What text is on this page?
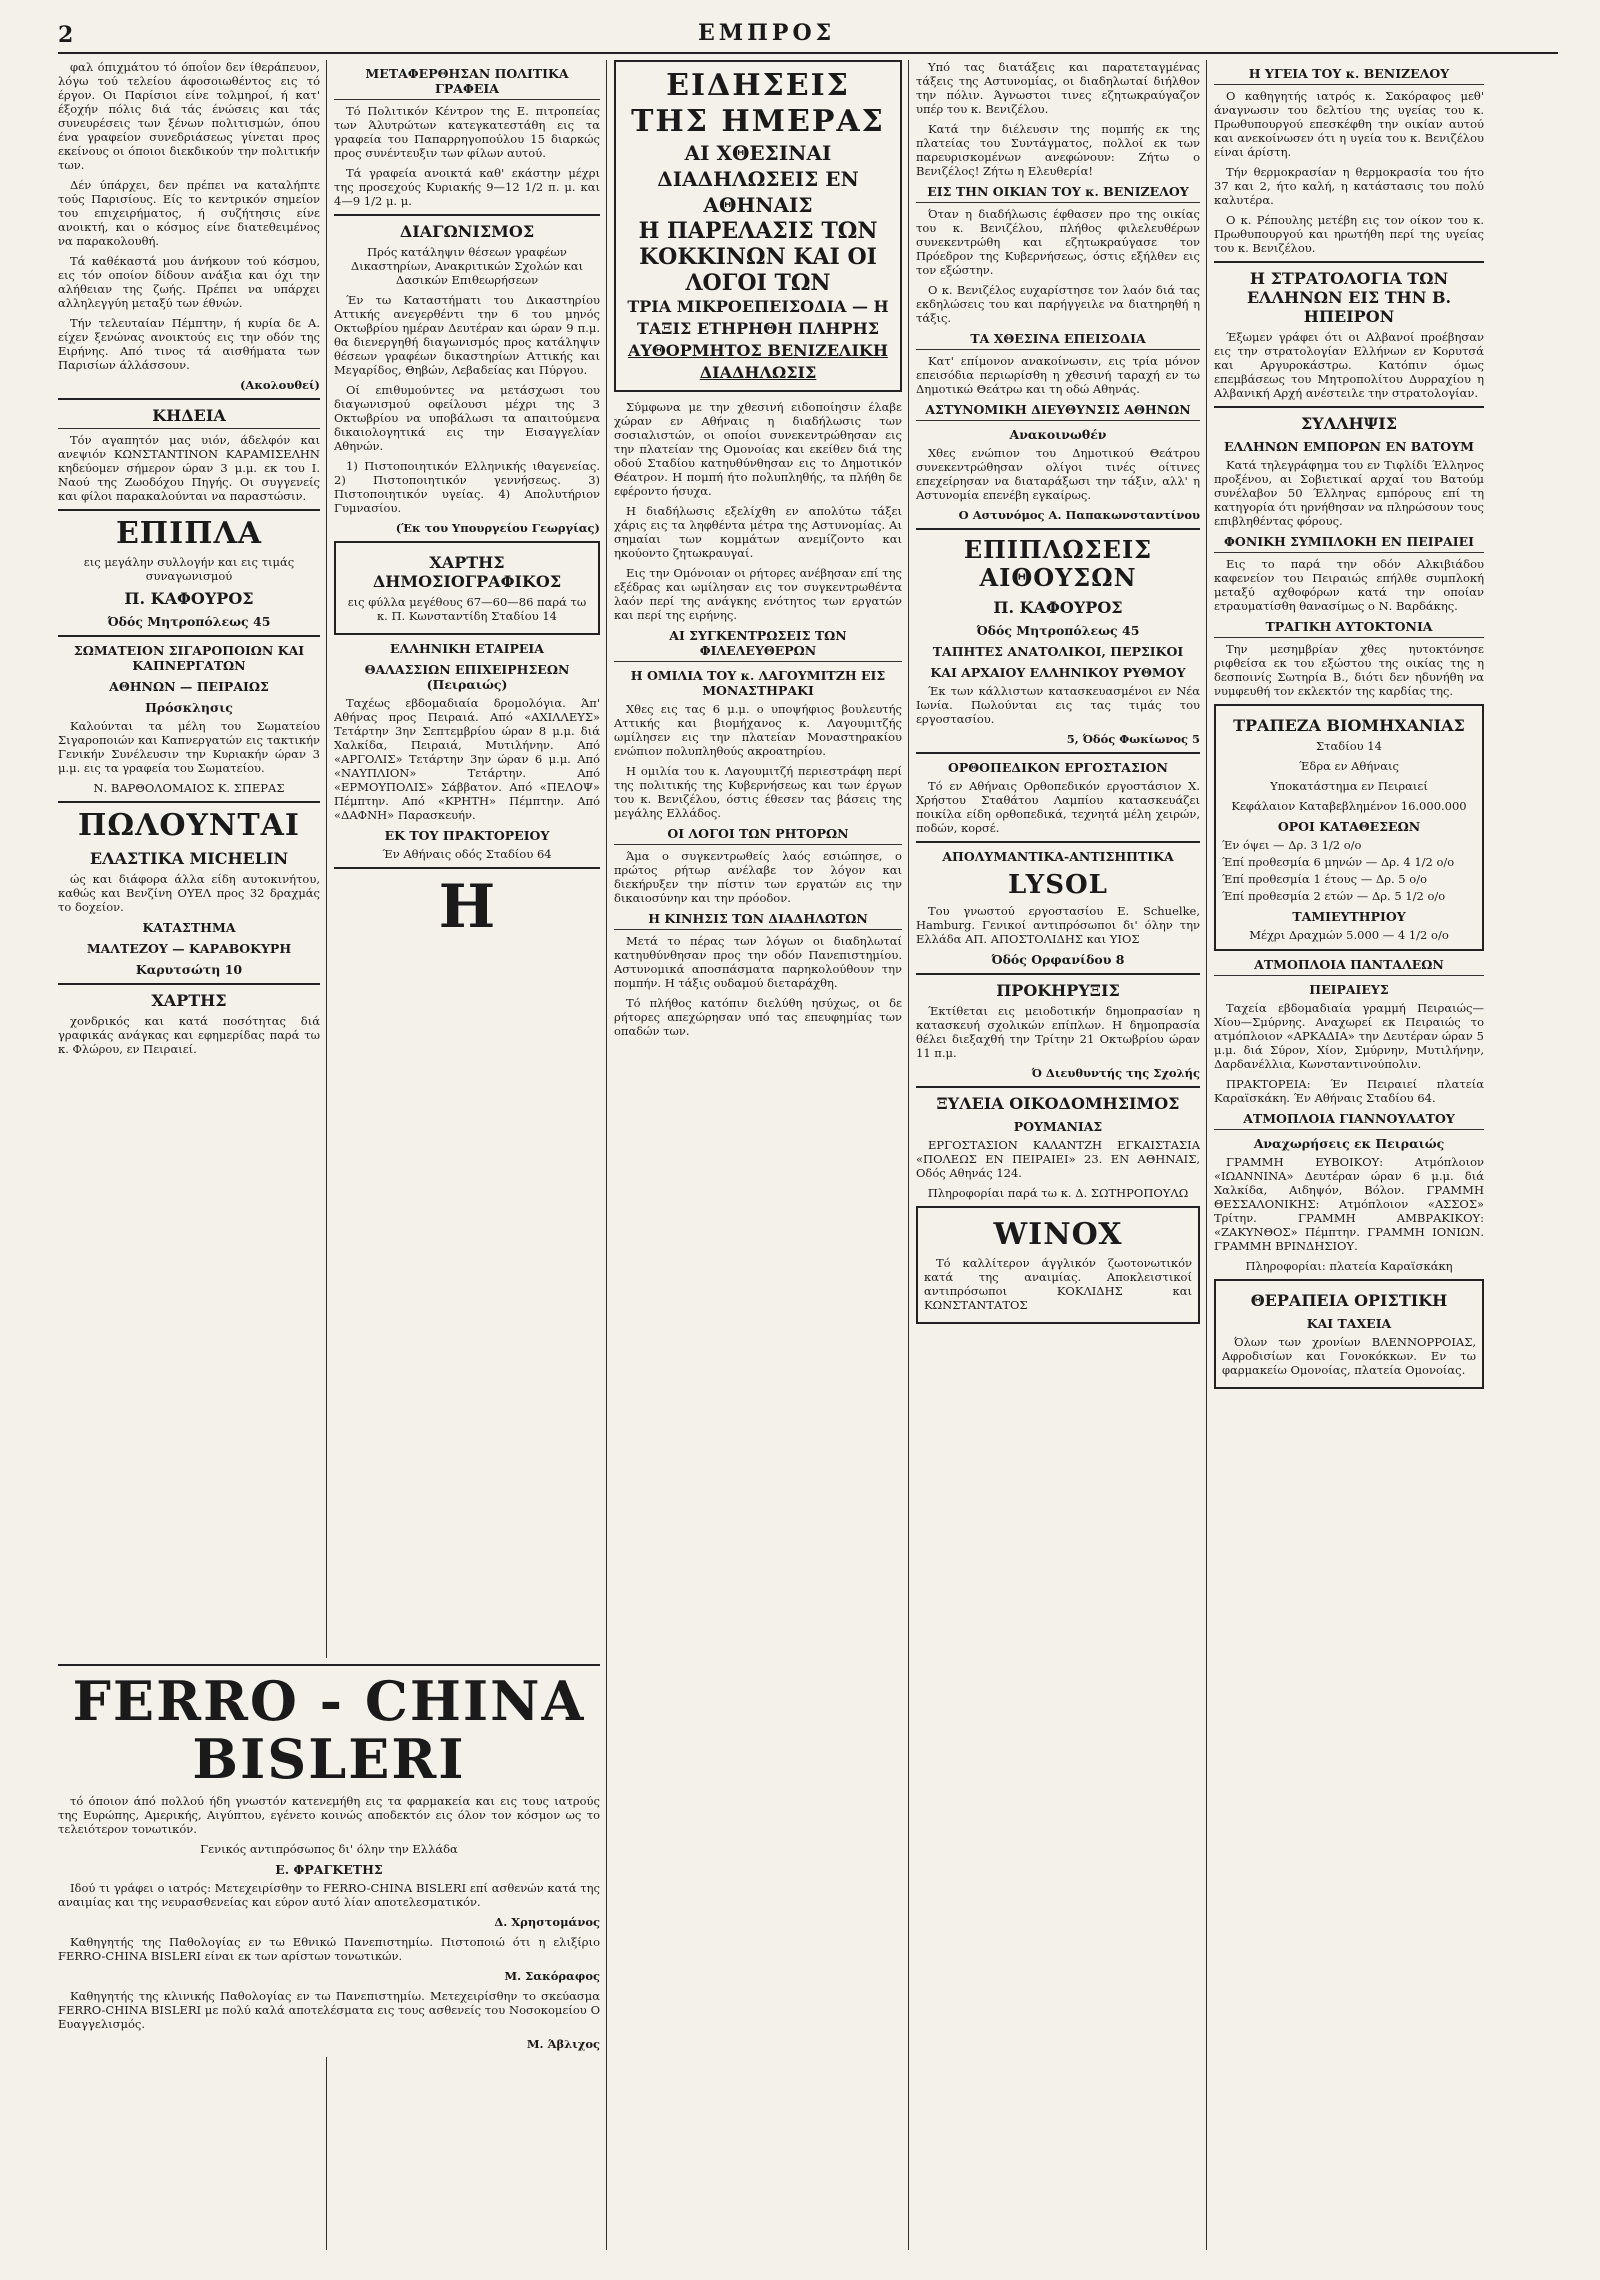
2	ΕΜΠΡΟΣ

φαλ όπιχμάτου τό όποΐον δεν ίθεράπευον, λόγω τού τελείου άφοσοιωθέντος εις τό έργον. Οι Παρίσιοι είνε τολμηροί, ή κατ' έξοχήν πόλις διά τάς ένώσεις και τάς συνευρέσεις των ξένων πολιτισμών, όπου ένα γραφείον συνεδριάσεως γίνεται προς εκείνους οι όποιοι διεκδικούν την πολιτικήν των.

Δέν ύπάρχει, δεν πρέπει να καταλήπτε τούς Παρισίους. Είς το κεντρικόν σημείον του επιχειρήματος, ή συζήτησις είνε ανοικτή, και ο κόσμος είνε διατεθειμένος να παρακολουθή.

Τά καθέκαστά μου άνήκουν τού κόσμου, εις τόν οποίον δίδουν ανάξια και όχι την αλήθειαν της ζωής. Πρέπει να υπάρχει αλληλεγγύη μεταξύ των έθνών.

Τήν τελευταίαν Πέμπτην, ή κυρία δε Α. είχεν ξενώνας ανοικτούς εις την οδόν της Ειρήνης. Από τινος τά αισθήματα των Παρισίων άλλάσσουν.

(Ακολουθεί)

ΚΗΔΕΙΑ

Τόν αγαπητόν μας υιόν, άδελφόν και ανεψιόν ΚΩΝΣΤΑΝΤΙΝΟΝ ΚΑΡΑΜΙΣΕΛΗΝ κηδεύομεν σήμερον ώραν 3 μ.μ. εκ του Ι. Ναού της Ζωοδόχου Πηγής. Οι συγγενείς και φίλοι παρακαλούνται να παραστώσιν.

ΕΠΙΠΛΑ

εις μεγάλην συλλογήν και εις τιμάς συναγωνισμού

Π. ΚΑΦΟΥΡΟΣ
Όδός Μητροπόλεως 45
ΣΩΜΑΤΕΙΟΝ ΣΙΓΑΡΟΠΟΙΩΝ ΚΑΙ ΚΑΠΝΕΡΓΑΤΩΝ
ΑΘΗΝΩΝ — ΠΕΙΡΑΙΩΣ
Πρόσκλησις

Καλούνται τα μέλη του Σωματείου Σιγαροποιών και Καπνεργατών εις τακτικήν Γενικήν Συνέλευσιν την Κυριακήν ώραν 3 μ.μ. εις τα γραφεία του Σωματείου.

Ν. ΒΑΡΘΟΛΟΜΑΙΟΣ Κ. ΣΠΕΡΑΣ

ΠΩΛΟΥΝΤΑΙ
ΕΛΑΣΤΙΚΑ MICHELIN

ώς και διάφορα άλλα είδη αυτοκινήτου, καθώς και Βενζίνη ΟΥΕΛ προς 32 δραχμάς το δοχείον.

ΚΑΤΑΣΤΗΜΑ
ΜΑΛΤΕΖΟΥ — ΚΑΡΑΒΟΚΥΡΗ
Καρυτσώτη 10
ΧΑΡΤΗΣ

χονδρικός και κατά ποσότητας διά γραφικάς ανάγκας και εφημερίδας παρά τω κ. Φλώρου, εν Πειραιεί.

ΜΕΤΑΦΕΡΘΗΣΑΝ ΠΟΛΙΤΙΚΑ ΓΡΑΦΕΙΑ

Τό Πολιτικόν Κέντρον της Ε. πιτροπείας των Άλυτρώτων κατεγκατεστάθη εις τα γραφεία του Παπαρρηγοπούλου 15 διαρκώς προς συνέντευξιν των φίλων αυτού.

Τά γραφεία ανοικτά καθ' εκάστην μέχρι της προσεχούς Κυριακής 9—12 1/2 π. μ. και 4—9 1/2 μ. μ.

ΔΙΑΓΩΝΙΣΜΟΣ

Πρός κατάληψιν θέσεων γραφέων Δικαστηρίων, Ανακριτικών Σχολών και Δασικών Επιθεωρήσεων

Έν τω Καταστήματι του Δικαστηρίου Αττικής ανεγερθέντι την 6 του μηνός Οκτωβρίου ημέραν Δευτέραν και ώραν 9 π.μ. θα διενεργηθή διαγωνισμός προς κατάληψιν θέσεων γραφέων δικαστηρίων Αττικής και Μεγαρίδος, Θηβών, Λεβαδείας και Πύργου.

Οί επιθυμούντες να μετάσχωσι του διαγωνισμού οφείλουσι μέχρι της 3 Οκτωβρίου να υποβάλωσι τα απαιτούμενα δικαιολογητικά εις την Εισαγγελίαν Αθηνών.

1) Πιστοποιητικόν Ελληνικής ιθαγενείας. 2) Πιστοποιητικόν γεννήσεως. 3) Πιστοποιητικόν υγείας. 4) Απολυτήριον Γυμνασίου.

(Έκ του Υπουργείου Γεωργίας)

ΧΑΡΤΗΣ ΔΗΜΟΣΙΟΓΡΑΦΙΚΟΣ

εις φύλλα μεγέθους 67—60—86 παρά τω κ. Π. Κωνσταντίδη Σταδίου 14

ΕΛΛΗΝΙΚΗ ΕΤΑΙΡΕΙΑ
ΘΑΛΑΣΣΙΩΝ ΕΠΙΧΕΙΡΗΣΕΩΝ (Πειραιώς)

Ταχέως εβδομαδιαία δρομολόγια. Άπ' Αθήνας προς Πειραιά. Από «ΑΧΙΛΛΕΥΣ» Τετάρτην 3ην Σεπτεμβρίου ώραν 8 μ.μ. διά Χαλκίδα, Πειραιά, Μυτιλήνην. Από «ΑΡΓΟΛΙΣ» Τετάρτην 3ην ώραν 6 μ.μ. Από «ΝΑΥΠΛΙΟΝ» Τετάρτην. Από «ΕΡΜΟΥΠΟΛΙΣ» Σάββατον. Από «ΠΕΛΟΨ» Πέμπτην. Από «ΚΡΗΤΗ» Πέμπτην. Από «ΔΑΦΝΗ» Παρασκευήν.

ΕΚ ΤΟΥ ΠΡΑΚΤΟΡΕΙΟΥ

Έν Αθήναις οδός Σταδίου 64

Η
FERRO - CHINA BISLERI

τό όποιον άπό πολλού ήδη γνωστόν κατενεμήθη εις τα φαρμακεία και εις τους ιατρούς της Ευρώπης, Αμερικής, Αιγύπτου, εγένετο κοινώς αποδεκτόν εις όλον τον κόσμον ως το τελειότερον τονωτικόν.

Γενικός αντιπρόσωπος δι' όλην την Ελλάδα

Ε. ΦΡΑΓΚΕΤΗΣ

Ιδού τι γράφει ο ιατρός: Μετεχειρίσθην το FERRO-CHINA BISLERI επί ασθενών κατά της αναιμίας και της νευρασθενείας και εύρον αυτό λίαν αποτελεσματικόν.

Δ. Χρηστομάνος

Καθηγητής της Παθολογίας εν τω Εθνικώ Πανεπιστημίω. Πιστοποιώ ότι η ελιξίριο FERRO-CHINA BISLERI είναι εκ των αρίστων τονωτικών.

Μ. Σακόραφος

Καθηγητής της κλινικής Παθολογίας εν τω Πανεπιστημίω. Μετεχειρίσθην το σκεύασμα FERRO-CHINA BISLERI με πολύ καλά αποτελέσματα εις τους ασθενείς του Νοσοκομείου Ο Ευαγγελισμός.

Μ. Άβλιχος

ΕΙΔΗΣΕΙΣ ΤΗΣ ΗΜΕΡΑΣ
ΑΙ ΧΘΕΣΙΝΑΙ ΔΙΑΔΗΛΩΣΕΙΣ ΕΝ ΑΘΗΝΑΙΣ
Η ΠΑΡΕΛΑΣΙΣ ΤΩΝ ΚΟΚΚΙΝΩΝ ΚΑΙ ΟΙ ΛΟΓΟΙ ΤΩΝ
ΤΡΙΑ ΜΙΚΡΟΕΠΕΙΣΟΔΙΑ — Η ΤΑΞΙΣ ΕΤΗΡΗΘΗ ΠΛΗΡΗΣ
ΑΥΘΟΡΜΗΤΟΣ ΒΕΝΙΖΕΛΙΚΗ ΔΙΑΔΗΛΩΣΙΣ

Σύμφωνα με την χθεσινή ειδοποίησιν έλαβε χώραν εν Αθήναις η διαδήλωσις των σοσιαλιστών, οι οποίοι συνεκεντρώθησαν εις την πλατείαν της Ομονοίας και εκείθεν διά της οδού Σταδίου κατηυθύνθησαν εις το Δημοτικόν Θέατρον. Η πομπή ήτο πολυπληθής, τα πλήθη δε εφέροντο ήσυχα.

Η διαδήλωσις εξελίχθη εν απολύτω τάξει χάρις εις τα ληφθέντα μέτρα της Αστυνομίας. Αι σημαίαι των κομμάτων ανεμίζοντο και ηκούοντο ζητωκραυγαί.

Εις την Ομόνοιαν οι ρήτορες ανέβησαν επί της εξέδρας και ωμίλησαν εις τον συγκεντρωθέντα λαόν περί της ανάγκης ενότητος των εργατών και περί της ειρήνης.

ΑΙ ΣΥΓΚΕΝΤΡΩΣΕΙΣ ΤΩΝ ΦΙΛΕΛΕΥΘΕΡΩΝ
Η ΟΜΙΛΙΑ ΤΟΥ κ. ΛΑΓΟΥΜΙΤΖΗ ΕΙΣ ΜΟΝΑΣΤΗΡΑΚΙ

Χθες εις τας 6 μ.μ. ο υποψήφιος βουλευτής Αττικής και βιομήχανος κ. Λαγουμιτζής ωμίλησεν εις την πλατείαν Μοναστηρακίου ενώπιον πολυπληθούς ακροατηρίου.

Η ομιλία του κ. Λαγουμιτζή περιεστράφη περί της πολιτικής της Κυβερνήσεως και των έργων του κ. Βενιζέλου, όστις έθεσεν τας βάσεις της μεγάλης Ελλάδος.

ΟΙ ΛΟΓΟΙ ΤΩΝ ΡΗΤΟΡΩΝ

Άμα ο συγκεντρωθείς λαός εσιώπησε, ο πρώτος ρήτωρ ανέλαβε τον λόγον και διεκήρυξεν την πίστιν των εργατών εις την δικαιοσύνην και την πρόοδον.

Η ΚΙΝΗΣΙΣ ΤΩΝ ΔΙΑΔΗΛΩΤΩΝ

Μετά το πέρας των λόγων οι διαδηλωταί κατηυθύνθησαν προς την οδόν Πανεπιστημίου. Αστυνομικά αποσπάσματα παρηκολούθουν την πομπήν. Η τάξις ουδαμού διεταράχθη.

Τό πλήθος κατόπιν διελύθη ησύχως, οι δε ρήτορες απεχώρησαν υπό τας επευφημίας των οπαδών των.

Υπό τας διατάξεις και παρατεταγμένας τάξεις της Αστυνομίας, οι διαδηλωταί διήλθον την πόλιν. Άγνωστοι τινες εζητωκραύγαζον υπέρ του κ. Βενιζέλου.

Κατά την διέλευσιν της πομπής εκ της πλατείας του Συντάγματος, πολλοί εκ των παρευρισκομένων ανεφώνουν: Ζήτω ο Βενιζέλος! Ζήτω η Ελευθερία!

ΕΙΣ ΤΗΝ ΟΙΚΙΑΝ ΤΟΥ κ. ΒΕΝΙΖΕΛΟΥ

Όταν η διαδήλωσις έφθασεν προ της οικίας του κ. Βενιζέλου, πλήθος φιλελευθέρων συνεκεντρώθη και εζητωκραύγασε τον Πρόεδρον της Κυβερνήσεως, όστις εξήλθεν εις τον εξώστην.

Ο κ. Βενιζέλος ευχαρίστησε τον λαόν διά τας εκδηλώσεις του και παρήγγειλε να διατηρηθή η τάξις.

ΤΑ ΧΘΕΣΙΝΑ ΕΠΕΙΣΟΔΙΑ

Κατ' επίμονον ανακοίνωσιν, εις τρία μόνον επεισόδια περιωρίσθη η χθεσινή ταραχή εν τω Δημοτικώ Θεάτρω και τη οδώ Αθηνάς.

ΑΣΤΥΝΟΜΙΚΗ ΔΙΕΥΘΥΝΣΙΣ ΑΘΗΝΩΝ
Ανακοινωθέν

Χθες ενώπιον του Δημοτικού Θεάτρου συνεκεντρώθησαν ολίγοι τινές οίτινες επεχείρησαν να διαταράξωσι την τάξιν, αλλ' η Αστυνομία επενέβη εγκαίρως.

Ο Αστυνόμος Α. Παπακωνσταντίνου

ΕΠΙΠΛΩΣΕΙΣ ΑΙΘΟΥΣΩΝ
Π. ΚΑΦΟΥΡΟΣ
Όδός Μητροπόλεως 45
ΤΑΠΗΤΕΣ ΑΝΑΤΟΛΙΚΟΙ, ΠΕΡΣΙΚΟΙ
ΚΑΙ ΑΡΧΑΙΟΥ ΕΛΛΗΝΙΚΟΥ ΡΥΘΜΟΥ

Έκ των κάλλιστων κατασκευασμένοι εν Νέα Ιωνία. Πωλούνται εις τας τιμάς του εργοστασίου.

5, Όδός Φωκίωνος 5

ΟΡΘΟΠΕΔΙΚΟΝ ΕΡΓΟΣΤΑΣΙΟΝ

Τό εν Αθήναις Ορθοπεδικόν εργοστάσιον Χ. Χρήστου Σταθάτου Λαμπίου κατασκευάζει ποικίλα είδη ορθοπεδικά, τεχνητά μέλη χειρών, ποδών, κορσέ.

ΑΠΟΛΥΜΑΝΤΙΚΑ-ΑΝΤΙΣΗΠΤΙΚΑ
LYSOL

Του γνωστού εργοστασίου Ε. Schuelke, Hamburg. Γενικοί αντιπρόσωποι δι' όλην την Ελλάδα ΑΠ. ΑΠΟΣΤΟΛΙΔΗΣ και ΥΙΟΣ

Όδός Ορφανίδου 8
ΠΡΟΚΗΡΥΞΙΣ

Έκτίθεται εις μειοδοτικήν δημοπρασίαν η κατασκευή σχολικών επίπλων. Η δημοπρασία θέλει διεξαχθή την Τρίτην 21 Οκτωβρίου ώραν 11 π.μ.

Ό Διευθυντής της Σχολής

ΞΥΛΕΙΑ ΟΙΚΟΔΟΜΗΣΙΜΟΣ
ΡΟΥΜΑΝΙΑΣ

ΕΡΓΟΣΤΑΣΙΟΝ ΚΑΛΑΝΤΖΗ ΕΓΚΑΙΣΤΑΣΙΑ «ΠΟΛΕΩΣ ΕΝ ΠΕΙΡΑΙΕΙ» 23. ΕΝ ΑΘΗΝΑΙΣ, Οδός Αθηνάς 124.

Πληροφορίαι παρά τω κ. Δ. ΣΩΤΗΡΟΠΟΥΛΩ

WINOX

Τό καλλίτερον άγγλικόν ζωοτονωτικόν κατά της αναιμίας. Αποκλειστικοί αντιπρόσωποι ΚΟΚΛΙΔΗΣ και ΚΩΝΣΤΑΝΤΑΤΟΣ

Η ΥΓΕΙΑ ΤΟΥ κ. ΒΕΝΙΖΕΛΟΥ

Ο καθηγητής ιατρός κ. Σακόραφος μεθ' άναγνωσιν του δελτίου της υγείας του κ. Πρωθυπουργού επεσκέφθη την οικίαν αυτού και ανεκοίνωσεν ότι η υγεία του κ. Βενιζέλου είναι άρίστη.

Τήν θερμοκρασίαν η θερμοκρασία του ήτο 37 και 2, ήτο καλή, η κατάστασις του πολύ καλυτέρα.

Ο κ. Ρέπουλης μετέβη εις τον οίκον του κ. Πρωθυπουργού και ηρωτήθη περί της υγείας του κ. Βενιζέλου.

Η ΣΤΡΑΤΟΛΟΓΙΑ ΤΩΝ ΕΛΛΗΝΩΝ ΕΙΣ ΤΗΝ Β. ΗΠΕΙΡΟΝ

Έξωμεν γράφει ότι οι Αλβανοί προέβησαν εις την στρατολογίαν Ελλήνων εν Κορυτσά και Αργυροκάστρω. Κατόπιν όμως επεμβάσεως του Μητροπολίτου Δυρραχίου η Αλβανική Αρχή ανέστειλε την στρατολογίαν.

ΣΥΛΛΗΨΙΣ
ΕΛΛΗΝΩΝ ΕΜΠΟΡΩΝ ΕΝ ΒΑΤΟΥΜ

Κατά τηλεγράφημα του εν Τιφλίδι Έλληνος προξένου, αι Σοβιετικαί αρχαί του Βατούμ συνέλαβον 50 Έλληνας εμπόρους επί τη κατηγορία ότι ηρνήθησαν να πληρώσουν τους επιβληθέντας φόρους.

ΦΟΝΙΚΗ ΣΥΜΠΛΟΚΗ ΕΝ ΠΕΙΡΑΙΕΙ

Εις το παρά την οδόν Αλκιβιάδου καφενείον του Πειραιώς επήλθε συμπλοκή μεταξύ αχθοφόρων κατά την οποίαν ετραυματίσθη θανασίμως ο Ν. Βαρδάκης.

ΤΡΑΓΙΚΗ ΑΥΤΟΚΤΟΝΙΑ

Την μεσημβρίαν χθες ηυτοκτόνησε ριφθείσα εκ του εξώστου της οικίας της η δεσποινίς Σωτηρία Β., διότι δεν ηδυνήθη να νυμφευθή τον εκλεκτόν της καρδίας της.

ΤΡΑΠΕΖΑ ΒΙΟΜΗΧΑΝΙΑΣ

Σταδίου 14

Έδρα εν Αθήναις

Υποκατάστημα εν Πειραιεί

Κεφάλαιον Καταβεβλημένον 16.000.000

ΟΡΟΙ ΚΑΤΑΘΕΣΕΩΝ
Έν όψει — Δρ. 3 1/2 ο/ο
Έπί προθεσμία 6 μηνών — Δρ. 4 1/2 ο/ο
Έπί προθεσμία 1 έτους — Δρ. 5 ο/ο
Έπί προθεσμία 2 ετών — Δρ. 5 1/2 ο/ο
ΤΑΜΙΕΥΤΗΡΙΟΥ
Μέχρι Δραχμών 5.000 — 4 1/2 ο/ο
ΑΤΜΟΠΛΟΙΑ ΠΑΝΤΑΛΕΩΝ
ΠΕΙΡΑΙΕΥΣ

Ταχεία εβδομαδιαία γραμμή Πειραιώς—Χίου—Σμύρνης. Αναχωρεί εκ Πειραιώς το ατμόπλοιον «ΑΡΚΑΔΙΑ» την Δευτέραν ώραν 5 μ.μ. διά Σύρον, Χίον, Σμύρνην, Μυτιλήνην, Δαρδανέλλια, Κωνσταντινούπολιν.

ΠΡΑΚΤΟΡΕΙΑ: Έν Πειραιεί πλατεία Καραϊσκάκη. Έν Αθήναις Σταδίου 64.

ΑΤΜΟΠΛΟΙΑ ΓΙΑΝΝΟΥΛΑΤΟΥ
Αναχωρήσεις εκ Πειραιώς

ΓΡΑΜΜΗ ΕΥΒΟΙΚΟΥ: Ατμόπλοιον «ΙΩΑΝΝΙΝΑ» Δευτέραν ώραν 6 μ.μ. διά Χαλκίδα, Αιδηψόν, Βόλον. ΓΡΑΜΜΗ ΘΕΣΣΑΛΟΝΙΚΗΣ: Ατμόπλοιον «ΑΣΣΟΣ» Τρίτην. ΓΡΑΜΜΗ ΑΜΒΡΑΚΙΚΟΥ: «ΖΑΚΥΝΘΟΣ» Πέμπτην. ΓΡΑΜΜΗ ΙΟΝΙΩΝ. ΓΡΑΜΜΗ ΒΡΙΝΔΗΣΙΟΥ.

Πληροφορίαι: πλατεία Καραϊσκάκη

ΘΕΡΑΠΕΙΑ ΟΡΙΣΤΙΚΗ
ΚΑΙ ΤΑΧΕΙΑ

Όλων των χρονίων ΒΛΕΝΝΟΡΡΟΙΑΣ, Αφροδισίων και Γονοκόκκων. Εν τω φαρμακείω Ομονοίας, πλατεία Ομονοίας.
